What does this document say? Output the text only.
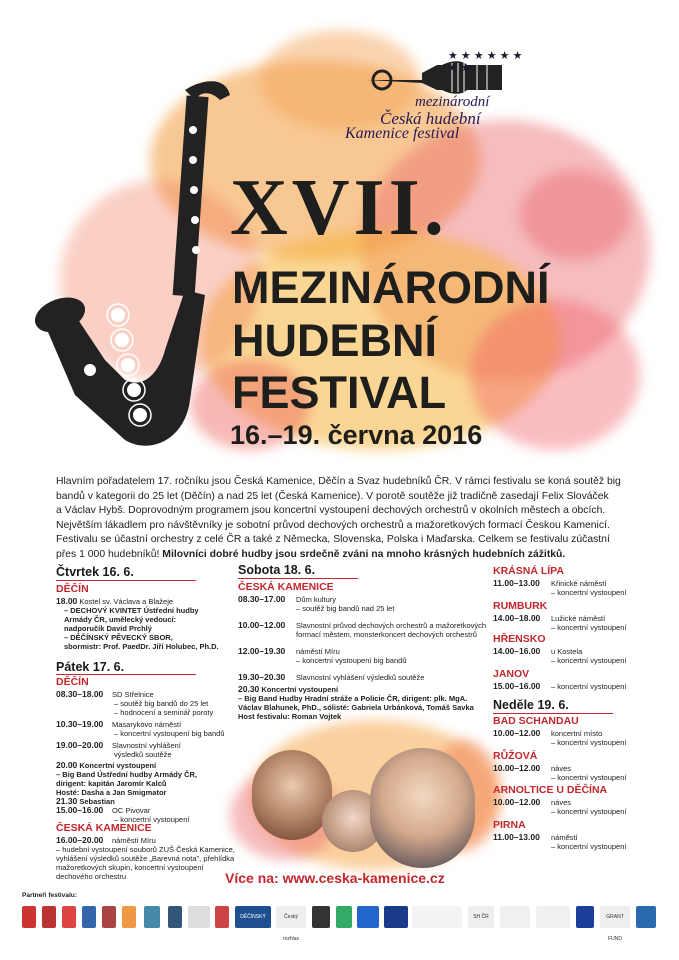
★ ★ ★ ★ ★ ★ ★ ★
mezinárodní
Česká hudební
Kamenice festival
XVII.
MEZINÁRODNÍ
HUDEBNÍ
FESTIVAL
16.–19. června 2016
Hlavním pořadatelem 17. ročníku jsou Česká Kamenice, Děčín a Svaz hudebníků ČR. V rámci festivalu se koná soutěž big
bandů v kategorii do 25 let (Děčín) a nad 25 let (Česká Kamenice). V porotě soutěže již tradičně zasedají Felix Slováček
a Václav Hybš. Doprovodným programem jsou koncertní vystoupení dechových orchestrů v okolních městech a obcích.
Největším lákadlem pro návštěvníky je sobotní průvod dechových orchestrů a mažoretkových formací Českou Kamenicí.
Festivalu se účastní orchestry z celé ČR a také z Německa, Slovenska, Polska i Maďarska. Celkem se festivalu zúčastní
přes 1 000 hudebníků! Milovníci dobré hudby jsou srdečně zváni na mnoho krásných hudebních zážitků.
Čtvrtek 16. 6.
DĚČÍN
18.00 Kostel sv. Václava a Blažeje
– DECHOVÝ KVINTET Ústřední hudby
Armády ČR, umělecký vedoucí:
nadporučík David Prchlý
– DĚČÍNSKÝ PĚVECKÝ SBOR,
sbormistr: Prof. PaedDr. Jiří Holubec, Ph.D.
Pátek 17. 6.
DĚČÍN
08.30–18.00	SD Střelnice
– soutěž big bandů do 25 let
– hodnocení a seminář poroty
10.30–19.00	Masarykovo náměstí
– koncertní vystoupení big bandů
19.00–20.00	Slavnostní vyhlášení
výsledků soutěže
20.00 Koncertní vystoupení
– Big Band Ústřední hudby Armády ČR,
dirigent: kapitán Jaromír Kalců
Hosté: Dasha a Jan Smigmator
21.30 Sebastian
15.00–16.00	OC Pivovar
– koncertní vystoupení
ČESKÁ KAMENICE
16.00–20.00	náměstí Míru
– hudební vystoupení souborů ZUŠ Česká Kamenice,
vyhlášení výsledků soutěže „Barevná nota", přehlídka
mažoretkových skupin, koncertní vystoupení
dechového orchestru
Sobota 18. 6.
ČESKÁ KAMENICE
08.30–17.00	Dům kultury
– soutěž big bandů nad 25 let
10.00–12.00	Slavnostní průvod dechových orchestrů a mažoretkových
formací městem, monsterkoncert dechových orchestrů
12.00–19.30	náměstí Míru
– koncertní vystoupení big bandů
19.30–20.30	Slavnostní vyhlášení výsledků soutěže
20.30 Koncertní vystoupení
– Big Band Hudby Hradní stráže a Policie ČR, dirigent: plk. MgA.
Václav Blahunek, PhD., sólisté: Gabriela Urbánková, Tomáš Savka
Host festivalu: Roman Vojtek
KRÁSNÁ LÍPA
11.00–13.00	Křinické náměstí
– koncertní vystoupení
RUMBURK
14.00–18.00	Lužické náměstí
– koncertní vystoupení
HŘENSKO
14.00–16.00	u Kostela
– koncertní vystoupení
JANOV
15.00–16.00	– koncertní vystoupení
Neděle 19. 6.
BAD SCHANDAU
10.00–12.00	koncertní místo
– koncertní vystoupení
RŮŽOVÁ
10.00–12.00	náves
– koncertní vystoupení
ARNOLTICE U DĚČÍNA
10.00–12.00	náves
– koncertní vystoupení
PIRNA
11.00–13.00	náměstí
– koncertní vystoupení
Více na: www.ceska-kamenice.cz
Partneři festivalu:
DĚČÍNSKÝ deník
Český rozhlas
SH ČR	GRANT FUND
